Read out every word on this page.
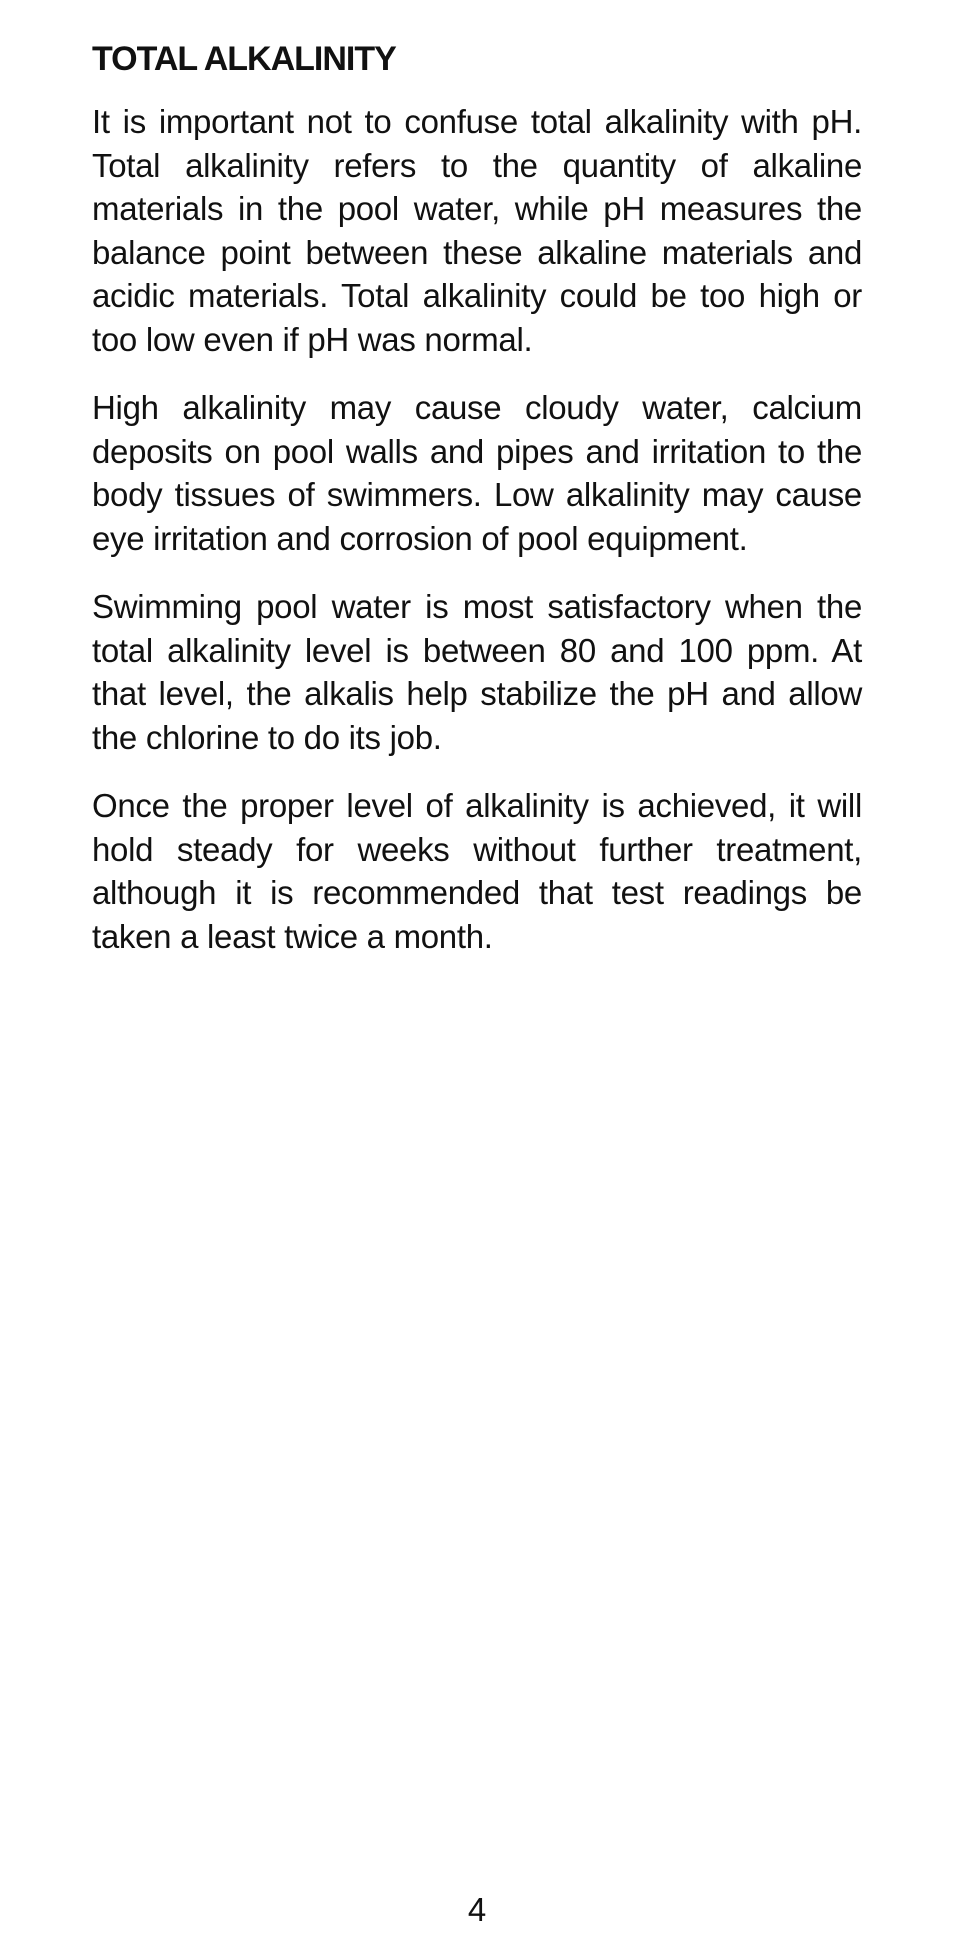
TOTAL ALKALINITY

It is important not to confuse total alkalinity with pH. Total alkalinity refers to the quantity of alkaline materials in the pool water, while pH measures the balance point between these alkaline materials and acidic materials. Total alkalinity could be too high or too low even if pH was normal.

High alkalinity may cause cloudy water, calcium deposits on pool walls and pipes and irritation to the body tissues of swimmers. Low alkalinity may cause eye irritation and corrosion of pool equipment.

Swimming pool water is most satisfactory when the total alkalinity level is between 80 and 100 ppm. At that level, the alkalis help stabilize the pH and allow the chlorine to do its job.

Once the proper level of alkalinity is achieved, it will hold steady for weeks without further treatment, although it is recommended that test readings be taken a least twice a month.

4
